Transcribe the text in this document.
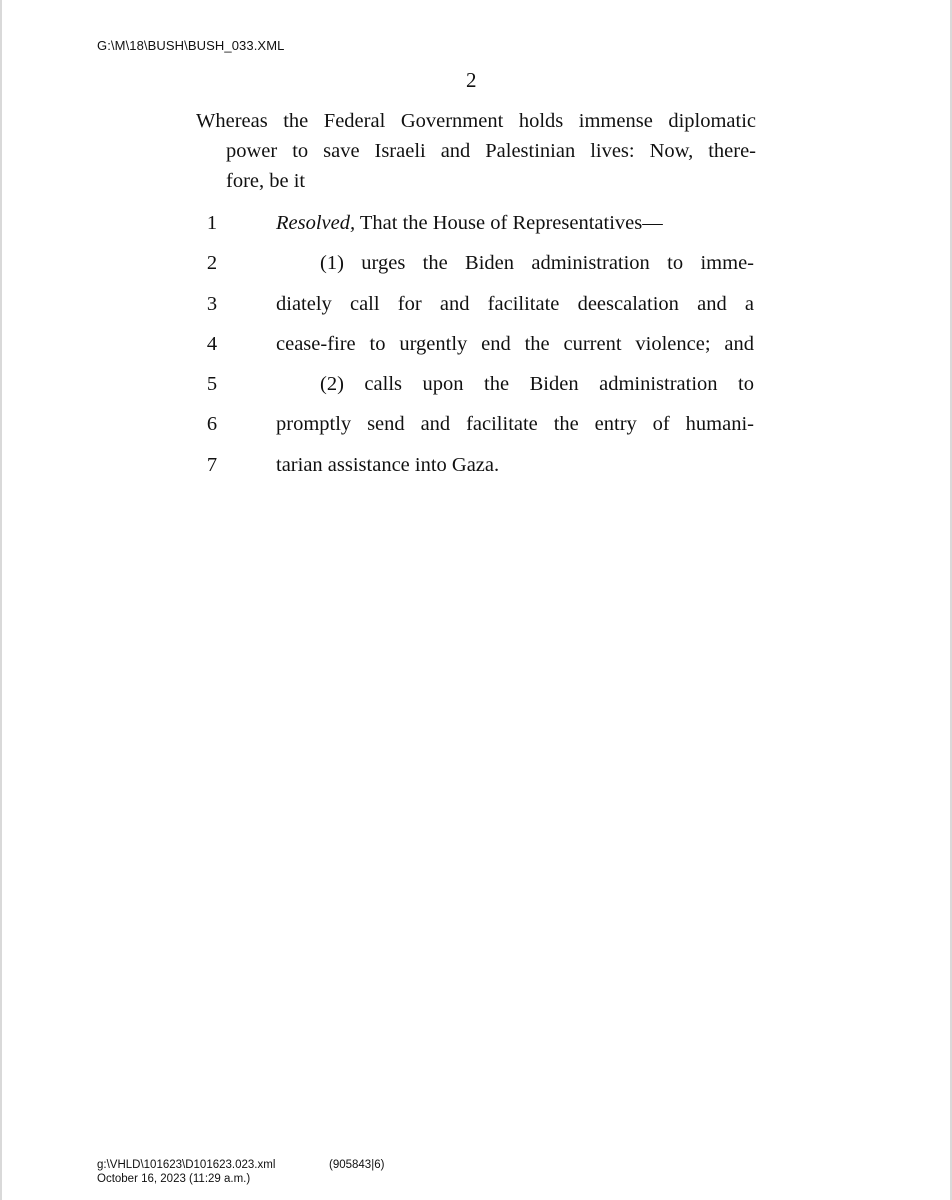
G:\M\18\BUSH\BUSH_033.XML
2
Whereas the Federal Government holds immense diplomatic
power to save Israeli and Palestinian lives: Now, there-
fore, be it
1	Resolved, That the House of Representatives—
2	(1) urges the Biden administration to imme-
3	diately call for and facilitate deescalation and a
4	cease-fire to urgently end the current violence; and
5	(2) calls upon the Biden administration to
6	promptly send and facilitate the entry of humani-
7	tarian assistance into Gaza.
g:\VHLD\101623\D101623.023.xml	(905843|6)
October 16, 2023 (11:29 a.m.)
